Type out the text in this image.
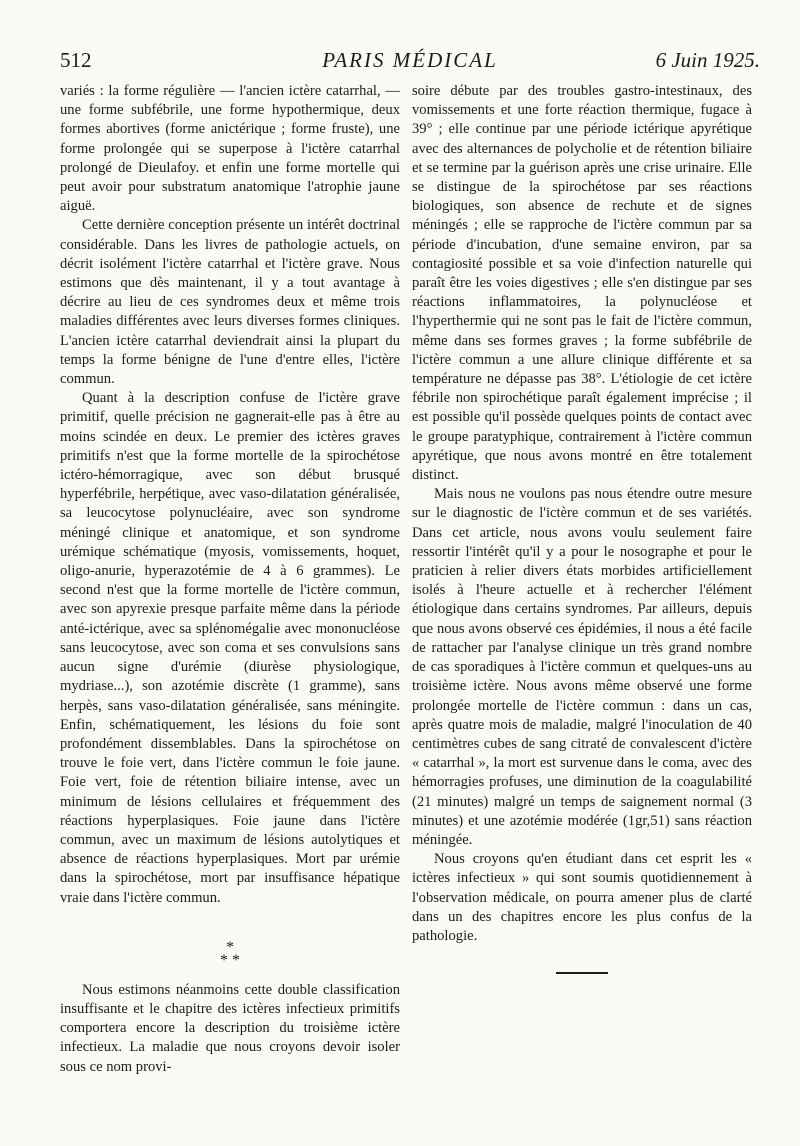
512	PARIS MÉDICAL	6 Juin 1925.

variés : la forme régulière — l'ancien ictère catarrhal, — une forme subfébrile, une forme hypothermique, deux formes abortives (forme anictérique ; forme fruste), une forme prolongée qui se superpose à l'ictère catarrhal prolongé de Dieulafoy. et enfin une forme mortelle qui peut avoir pour substratum anatomique l'atrophie jaune aiguë.

Cette dernière conception présente un intérêt doctrinal considérable. Dans les livres de pathologie actuels, on décrit isolément l'ictère catarrhal et l'ictère grave. Nous estimons que dès maintenant, il y a tout avantage à décrire au lieu de ces syndromes deux et même trois maladies différentes avec leurs diverses formes cliniques. L'ancien ictère catarrhal deviendrait ainsi la plupart du temps la forme bénigne de l'une d'entre elles, l'ictère commun.

Quant à la description confuse de l'ictère grave primitif, quelle précision ne gagnerait-elle pas à être au moins scindée en deux. Le premier des ictères graves primitifs n'est que la forme mortelle de la spirochétose ictéro-hémorragique, avec son début brusqué hyperfébrile, herpétique, avec vaso-dilatation généralisée, sa leucocytose polynucléaire, avec son syndrome méningé clinique et anatomique, et son syndrome urémique schématique (myosis, vomissements, hoquet, oligo-anurie, hyperazotémie de 4 à 6 grammes). Le second n'est que la forme mortelle de l'ictère commun, avec son apyrexie presque parfaite même dans la période anté-ictérique, avec sa splénomégalie avec mononucléose sans leucocytose, avec son coma et ses convulsions sans aucun signe d'urémie (diurèse physiologique, mydriase...), son azotémie discrète (1 gramme), sans herpès, sans vaso-dilatation généralisée, sans méningite. Enfin, schématiquement, les lésions du foie sont profondément dissemblables. Dans la spirochétose on trouve le foie vert, dans l'ictère commun le foie jaune. Foie vert, foie de rétention biliaire intense, avec un minimum de lésions cellulaires et fréquemment des réactions hyperplasiques. Foie jaune dans l'ictère commun, avec un maximum de lésions autolytiques et absence de réactions hyperplasiques. Mort par urémie dans la spirochétose, mort par insuffisance hépatique vraie dans l'ictère commun.

*
* *

Nous estimons néanmoins cette double classification insuffisante et le chapitre des ictères infectieux primitifs comportera encore la description du troisième ictère infectieux. La maladie que nous croyons devoir isoler sous ce nom provi-

soire débute par des troubles gastro-intestinaux, des vomissements et une forte réaction thermique, fugace à 39° ; elle continue par une période ictérique apyrétique avec des alternances de polycholie et de rétention biliaire et se termine par la guérison après une crise urinaire. Elle se distingue de la spirochétose par ses réactions biologiques, son absence de rechute et de signes méningés ; elle se rapproche de l'ictère commun par sa période d'incubation, d'une semaine environ, par sa contagiosité possible et sa voie d'infection naturelle qui paraît être les voies digestives ; elle s'en distingue par ses réactions inflammatoires, la polynucléose et l'hyperthermie qui ne sont pas le fait de l'ictère commun, même dans ses formes graves ; la forme subfébrile de l'ictère commun a une allure clinique différente et sa température ne dépasse pas 38°. L'étiologie de cet ictère fébrile non spirochétique paraît également imprécise ; il est possible qu'il possède quelques points de contact avec le groupe paratyphique, contrairement à l'ictère commun apyrétique, que nous avons montré en être totalement distinct.

Mais nous ne voulons pas nous étendre outre mesure sur le diagnostic de l'ictère commun et de ses variétés. Dans cet article, nous avons voulu seulement faire ressortir l'intérêt qu'il y a pour le nosographe et pour le praticien à relier divers états morbides artificiellement isolés à l'heure actuelle et à rechercher l'élément étiologique dans certains syndromes. Par ailleurs, depuis que nous avons observé ces épidémies, il nous a été facile de rattacher par l'analyse clinique un très grand nombre de cas sporadiques à l'ictère commun et quelques-uns au troisième ictère. Nous avons même observé une forme prolongée mortelle de l'ictère commun : dans un cas, après quatre mois de maladie, malgré l'inoculation de 40 centimètres cubes de sang citraté de convalescent d'ictère « catarrhal », la mort est survenue dans le coma, avec des hémorragies profuses, une diminution de la coagulabilité (21 minutes) malgré un temps de saignement normal (3 minutes) et une azotémie modérée (1gr,51) sans réaction méningée.

Nous croyons qu'en étudiant dans cet esprit les « ictères infectieux » qui sont soumis quotidiennement à l'observation médicale, on pourra amener plus de clarté dans un des chapitres encore les plus confus de la pathologie.
